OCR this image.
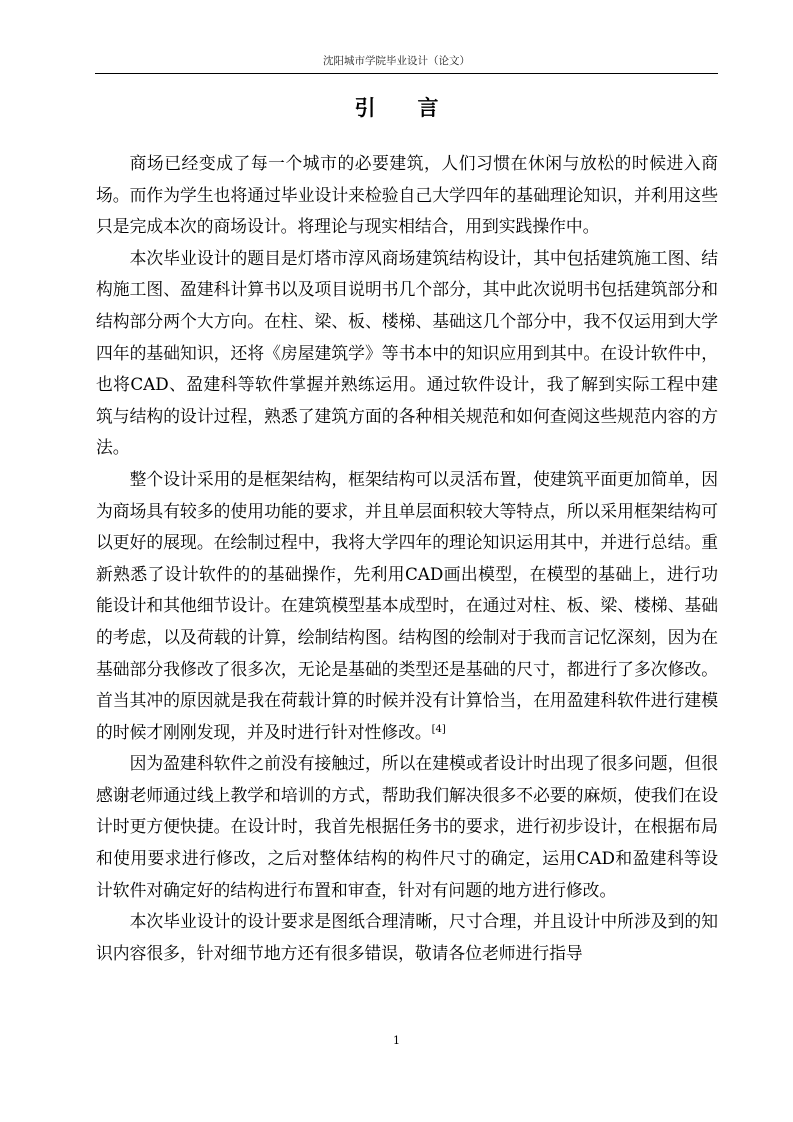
沈阳城市学院毕业设计（论文）
引言

商场已经变成了每一个城市的必要建筑，人们习惯在休闲与放松的时候进入商场。而作为学生也将通过毕业设计来检验自己大学四年的基础理论知识，并利用这些只是完成本次的商场设计。将理论与现实相结合，用到实践操作中。

本次毕业设计的题目是灯塔市淳风商场建筑结构设计，其中包括建筑施工图、结构施工图、盈建科计算书以及项目说明书几个部分，其中此次说明书包括建筑部分和结构部分两个大方向。在柱、梁、板、楼梯、基础这几个部分中，我不仅运用到大学四年的基础知识，还将《房屋建筑学》等书本中的知识应用到其中。在设计软件中，也将CAD、盈建科等软件掌握并熟练运用。通过软件设计，我了解到实际工程中建筑与结构的设计过程，熟悉了建筑方面的各种相关规范和如何查阅这些规范内容的方法。

整个设计采用的是框架结构，框架结构可以灵活布置，使建筑平面更加简单，因为商场具有较多的使用功能的要求，并且单层面积较大等特点，所以采用框架结构可以更好的展现。在绘制过程中，我将大学四年的理论知识运用其中，并进行总结。重新熟悉了设计软件的的基础操作，先利用CAD画出模型，在模型的基础上，进行功能设计和其他细节设计。在建筑模型基本成型时，在通过对柱、板、梁、楼梯、基础的考虑，以及荷载的计算，绘制结构图。结构图的绘制对于我而言记忆深刻，因为在基础部分我修改了很多次，无论是基础的类型还是基础的尺寸，都进行了多次修改。首当其冲的原因就是我在荷载计算的时候并没有计算恰当，在用盈建科软件进行建模的时候才刚刚发现，并及时进行针对性修改。[4]

因为盈建科软件之前没有接触过，所以在建模或者设计时出现了很多问题，但很感谢老师通过线上教学和培训的方式，帮助我们解决很多不必要的麻烦，使我们在设计时更方便快捷。在设计时，我首先根据任务书的要求，进行初步设计，在根据布局和使用要求进行修改，之后对整体结构的构件尺寸的确定，运用CAD和盈建科等设计软件对确定好的结构进行布置和审查，针对有问题的地方进行修改。

本次毕业设计的设计要求是图纸合理清晰，尺寸合理，并且设计中所涉及到的知识内容很多，针对细节地方还有很多错误，敬请各位老师进行指导

1
